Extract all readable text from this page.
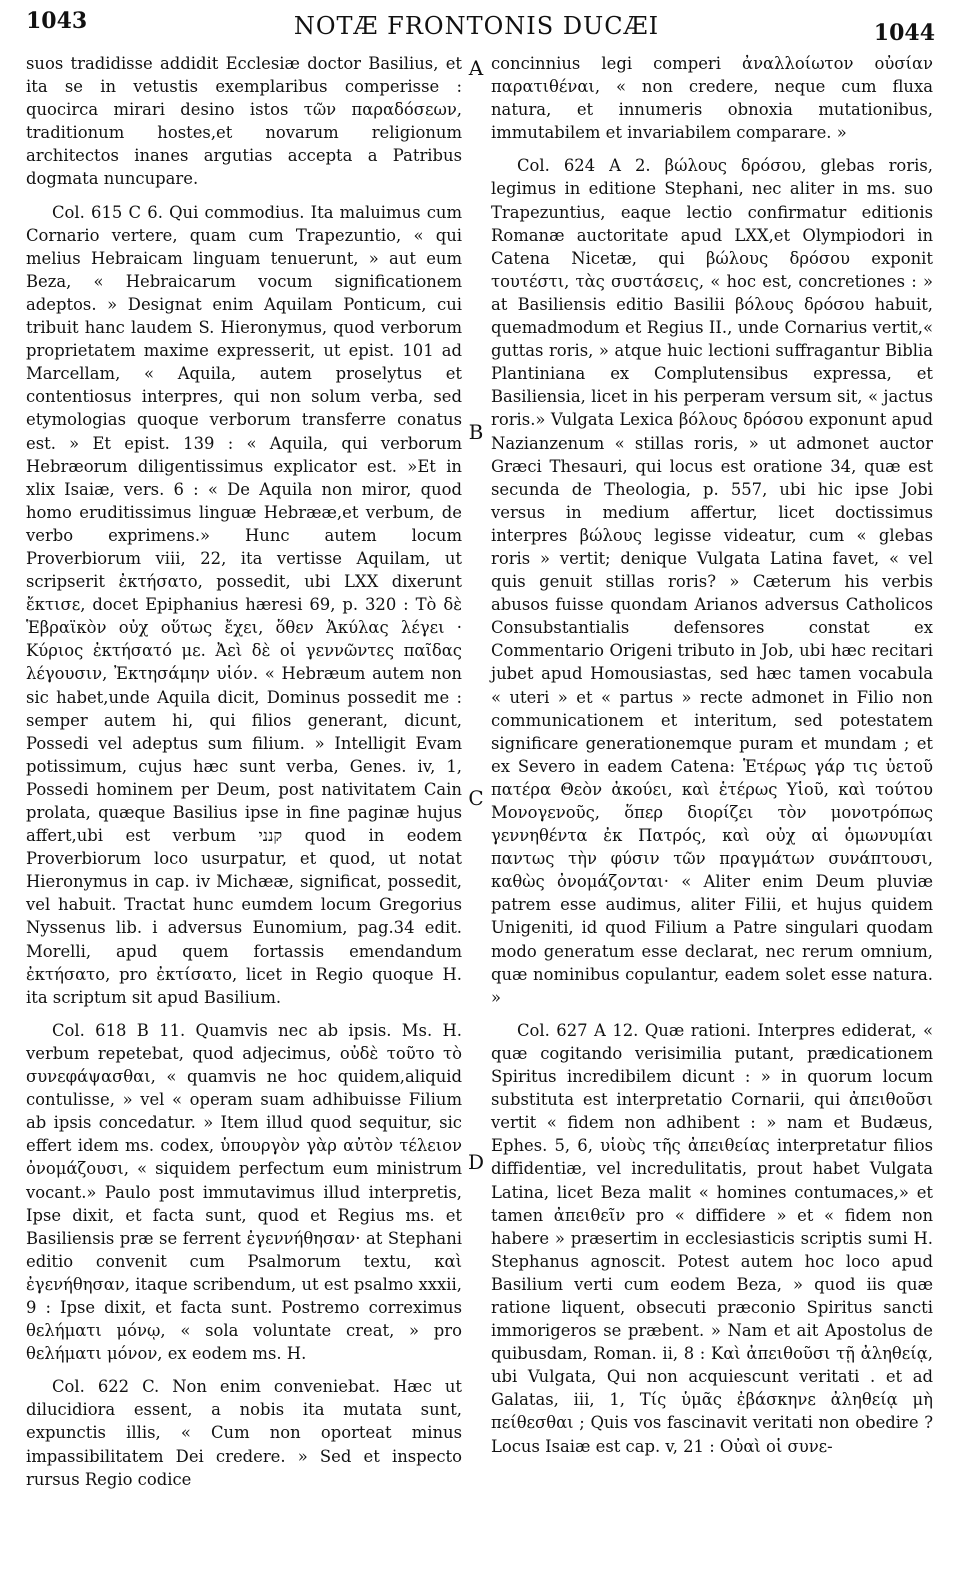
1043	NOTÆ FRONTONIS DUCÆI	1044

suos tradidisse addidit Ecclesiæ doctor Basilius, et ita se in vetustis exemplaribus comperisse : quocirca mirari desino istos τῶν παραδόσεων, traditionum hostes,et novarum religionum architectos inanes argutias accepta a Patribus dogmata nuncupare.

Col. 615 C 6. Qui commodius. Ita maluimus cum Cornario vertere, quam cum Trapezuntio, « qui melius Hebraicam linguam tenuerunt, » aut eum Beza, « Hebraicarum vocum significationem adeptos. » Designat enim Aquilam Ponticum, cui tribuit hanc laudem S. Hieronymus, quod verborum proprietatem maxime expresserit, ut epist. 101 ad Marcellam, « Aquila, autem proselytus et contentiosus interpres, qui non solum verba, sed etymologias quoque verborum transferre conatus est. » Et epist. 139 : « Aquila, qui verborum Hebræorum diligentissimus explicator est. »Et in xlix Isaiæ, vers. 6 : « De Aquila non miror, quod homo eruditissimus linguæ Hebrææ,et verbum, de verbo exprimens.» Hunc autem locum Proverbiorum viii, 22, ita vertisse Aquilam, ut scripserit ἐκτήσατο, possedit, ubi LXX dixerunt ἔκτισε, docet Epiphanius hæresi 69, p. 320 : Τὸ δὲ Ἑβραϊκὸν οὐχ οὕτως ἔχει, ὅθεν Ἀκύλας λέγει · Κύριος ἐκτήσατό με. Ἀεὶ δὲ οἱ γεννῶντες παῖδας λέγουσιν, Ἐκτησάμην υἱόν. « Hebræum autem non sic habet,unde Aquila dicit, Dominus possedit me : semper autem hi, qui filios generant, dicunt, Possedi vel adeptus sum filium. » Intelligit Evam potissimum, cujus hæc sunt verba, Genes. iv, 1, Possedi hominem per Deum, post nativitatem Cain prolata, quæque Basilius ipse in fine paginæ hujus affert,ubi est verbum קנני quod in eodem Proverbiorum loco usurpatur, et quod, ut notat Hieronymus in cap. iv Michææ, significat, possedit, vel habuit. Tractat hunc eumdem locum Gregorius Nyssenus lib. i adversus Eunomium, pag.34 edit. Morelli, apud quem fortassis emendandum ἐκτήσατο, pro ἐκτίσατο, licet in Regio quoque H. ita scriptum sit apud Basilium.

Col. 618 B 11. Quamvis nec ab ipsis. Ms. H. verbum repetebat, quod adjecimus, οὐδὲ τοῦτο τὸ συνεφάψασθαι, « quamvis ne hoc quidem,aliquid contulisse, » vel « operam suam adhibuisse Filium ab ipsis concedatur. » Item illud quod sequitur, sic effert idem ms. codex, ὑπουργὸν γὰρ αὐτὸν τέλειον ὀνομάζουσι, « siquidem perfectum eum ministrum vocant.» Paulo post immutavimus illud interpretis, Ipse dixit, et facta sunt, quod et Regius ms. et Basiliensis præ se ferrent ἐγεννήθησαν· at Stephani editio convenit cum Psalmorum textu, καὶ ἐγενήθησαν, itaque scribendum, ut est psalmo xxxii, 9 : Ipse dixit, et facta sunt. Postremo correximus θελήματι μόνῳ, « sola voluntate creat, » pro θελήματι μόνον, ex eodem ms. H.

Col. 622 C. Non enim conveniebat. Hæc ut dilucidiora essent, a nobis ita mutata sunt, expunctis illis, « Cum non oporteat minus impassibilitatem Dei credere. » Sed et inspecto rursus Regio codice

concinnius legi comperi ἀναλλοίωτον οὐσίαν παρατιθέναι, « non credere, neque cum fluxa natura, et innumeris obnoxia mutationibus, immutabilem et invariabilem comparare. »

Col. 624 A 2. βώλους δρόσου, glebas roris, legimus in editione Stephani, nec aliter in ms. suo Trapezuntius, eaque lectio confirmatur editionis Romanæ auctoritate apud LXX,et Olympiodori in Catena Nicetæ, qui βώλους δρόσου exponit τουτέστι, τὰς συστάσεις, « hoc est, concretiones : » at Basiliensis editio Basilii βόλους δρόσου habuit, quemadmodum et Regius II., unde Cornarius vertit,« guttas roris, » atque huic lectioni suffragantur Biblia Plantiniana ex Complutensibus expressa, et Basiliensia, licet in his perperam versum sit, « jactus roris.» Vulgata Lexica βόλους δρόσου exponunt apud Nazianzenum « stillas roris, » ut admonet auctor Græci Thesauri, qui locus est oratione 34, quæ est secunda de Theologia, p. 557, ubi hic ipse Jobi versus in medium affertur, licet doctissimus interpres βώλους legisse videatur, cum « glebas roris » vertit; denique Vulgata Latina favet, « vel quis genuit stillas roris? » Cæterum his verbis abusos fuisse quondam Arianos adversus Catholicos Consubstantialis defensores constat ex Commentario Origeni tributo in Job, ubi hæc recitari jubet apud Homousiastas, sed hæc tamen vocabula « uteri » et « partus » recte admonet in Filio non communicationem et interitum, sed potestatem significare generationemque puram et mundam ; et ex Severo in eadem Catena: Ἑτέρως γάρ τις ὑετοῦ πατέρα Θεὸν ἀκούει, καὶ ἑτέρως Υἱοῦ, καὶ τούτου Μονογενοῦς, ὅπερ διορίζει τὸν μονοτρόπως γεννηθέντα ἐκ Πατρός, καὶ οὐχ αἱ ὁμωνυμίαι παντως τὴν φύσιν τῶν πραγμάτων συνάπτουσι, καθὼς ὀνομάζονται· « Aliter enim Deum pluviæ patrem esse audimus, aliter Filii, et hujus quidem Unigeniti, id quod Filium a Patre singulari quodam modo generatum esse declarat, nec rerum omnium, quæ nominibus copulantur, eadem solet esse natura. »

Col. 627 A 12. Quæ rationi. Interpres ediderat, « quæ cogitando verisimilia putant, prædicationem Spiritus incredibilem dicunt : » in quorum locum substituta est interpretatio Cornarii, qui ἀπειθοῦσι vertit « fidem non adhibent : » nam et Budæus, Ephes. 5, 6, υἱοὺς τῆς ἀπειθείας interpretatur filios diffidentiæ, vel incredulitatis, prout habet Vulgata Latina, licet Beza malit « homines contumaces,» et tamen ἀπειθεῖν pro « diffidere » et « fidem non habere » præsertim in ecclesiasticis scriptis sumi H. Stephanus agnoscit. Potest autem hoc loco apud Basilium verti cum eodem Beza, » quod iis quæ ratione liquent, obsecuti præconio Spiritus sancti immorigeros se præbent. » Nam et ait Apostolus de quibusdam, Roman. ii, 8 : Καὶ ἀπειθοῦσι τῇ ἀληθείᾳ, ubi Vulgata, Qui non acquiescunt veritati . et ad Galatas, iii, 1, Τίς ὑμᾶς ἐβάσκηνε ἀληθείᾳ μὴ πείθεσθαι ; Quis vos fascinavit veritati non obedire ? Locus Isaiæ est cap. v, 21 : Οὐαὶ οἱ συνε-

A
B
C
D
